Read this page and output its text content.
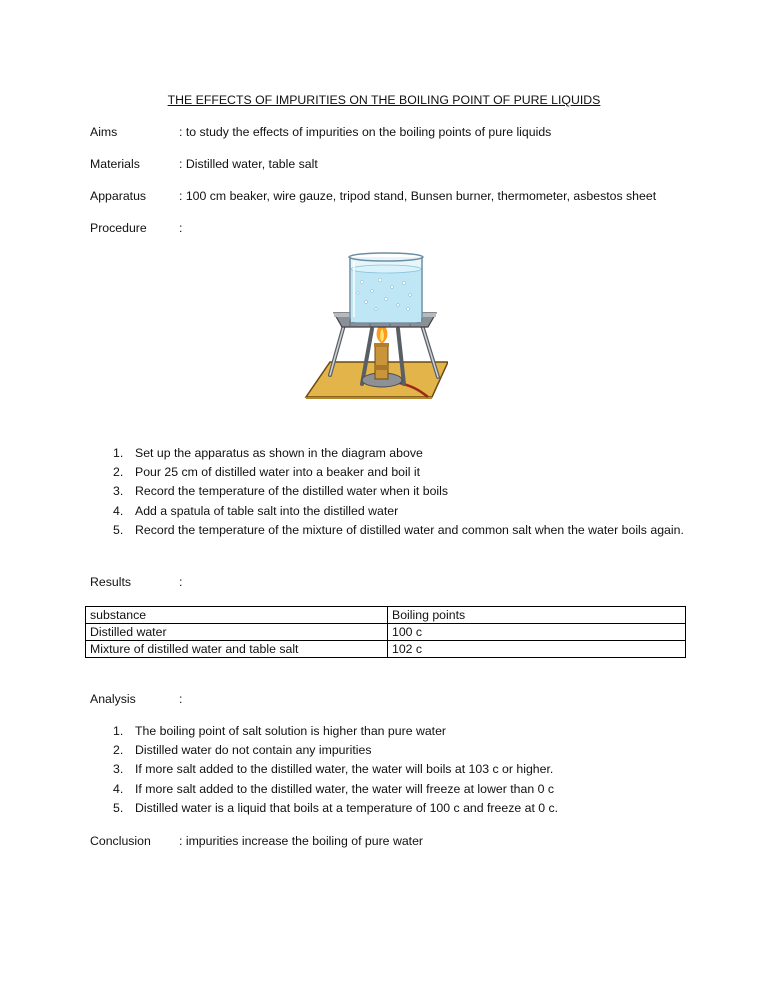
THE EFFECTS OF IMPURITIES ON THE BOILING POINT OF PURE LIQUIDS
Aims	: to study the effects of impurities on the boiling points of pure liquids
Materials	: Distilled water, table salt
Apparatus	: 100 cm beaker, wire gauze, tripod stand, Bunsen burner, thermometer, asbestos sheet
Procedure	:
1. Set up the apparatus as shown in the diagram above
2. Pour 25 cm of distilled water into a beaker and boil it
3. Record the temperature of the distilled water when it boils
4. Add a spatula of table salt into the distilled water
5. Record the temperature of the mixture of distilled water and common salt when the water boils again.
Results	:
substance	Boiling points
Distilled water	100 c
Mixture of distilled water and table salt	102 c
Analysis	:
1. The boiling point of salt solution is higher than pure water
2. Distilled water do not contain any impurities
3. If more salt added to the distilled water, the water will boils at 103 c or higher.
4. If more salt added to the distilled water, the water will freeze at lower than 0 c
5. Distilled water is a liquid that boils at a temperature of 100 c and freeze at 0 c.
Conclusion : impurities increase the boiling of pure water
